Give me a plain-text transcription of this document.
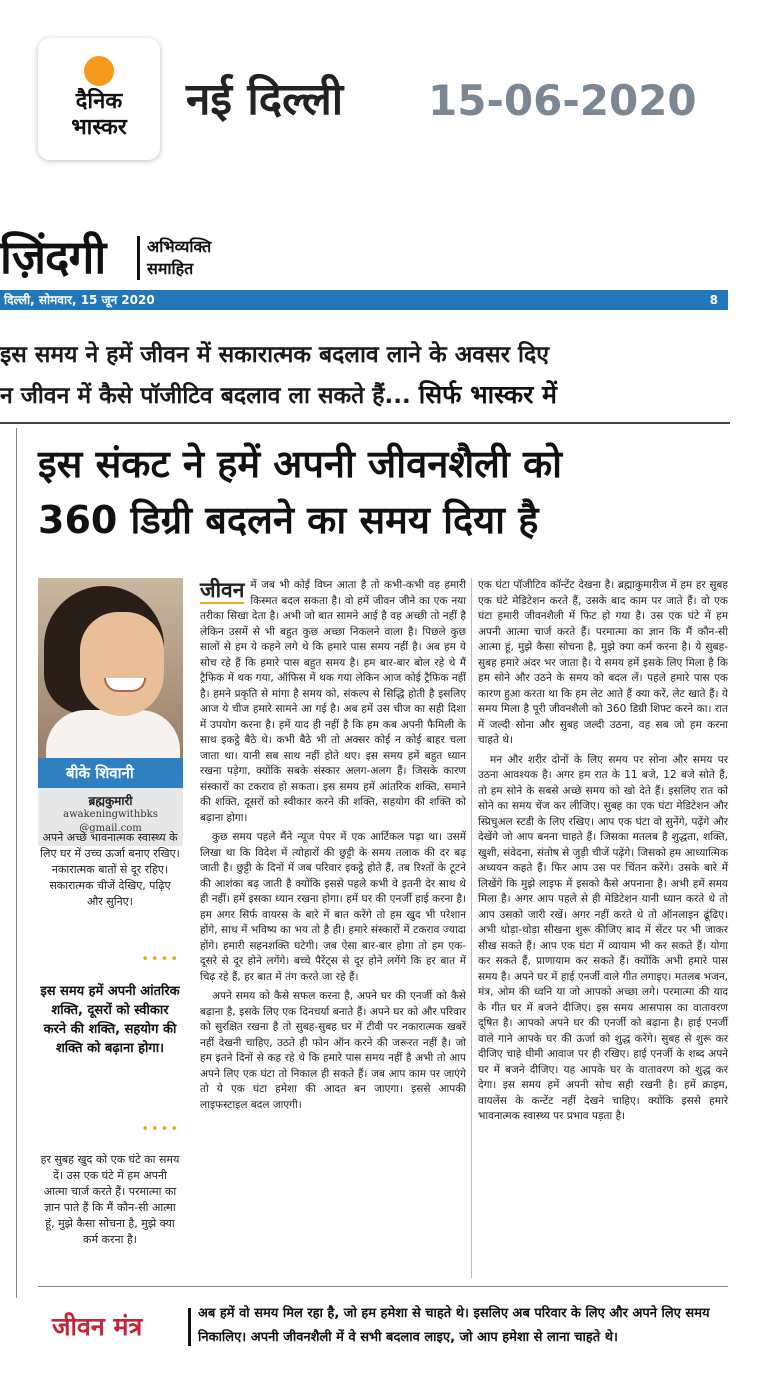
दैनिक
भास्कर
नई दिल्ली 15-06-2020
ज़िंदगी	अभिव्यक्ति
समाहित
दिल्ली, सोमवार, 15 जून 2020	8
इस समय ने हमें जीवन में सकारात्मक बदलाव लाने के अवसर दिए
न जीवन में कैसे पॉजीटिव बदलाव ला सकते हैं... सिर्फ भास्कर में
इस संकट ने हमें अपनी जीवनशैली को
360 डिग्री बदलने का समय दिया है
बीके शिवानी
ब्रह्मकुमारी
awakeningwithbks
@gmail.com
अपने अच्छे भावनात्मक स्वास्थ्य के लिए घर में उच्च ऊर्जा बनाए रखिए। नकारात्मक बातों से दूर रहिए। सकारात्मक चीजें देखिए, पढ़िए और सुनिए।
••••
इस समय हमें अपनी आंतरिक शक्ति, दूसरों को स्वीकार करने की शक्ति, सहयोग की शक्ति को बढ़ाना होगा।
••••
हर सुबह खुद को एक घंटे का समय दें। उस एक घंटे में हम अपनी आत्मा चार्ज करते हैं। परमात्मा का ज्ञान पाते हैं कि मैं कौन-सी आत्मा हूं, मुझे कैसा सोचना है, मुझे क्या कर्म करना है।
जीवन में जब भी कोई विघ्न आता है तो कभी-कभी वह हमारी किस्मत बदल सकता है। वो हमें जीवन जीने का एक नया तरीका सिखा देता है। अभी जो बात सामने आई है वह अच्छी तो नहीं है लेकिन उसमें से भी बहुत कुछ अच्छा निकलने वाला है। पिछले कुछ सालों से हम ये कहने लगे थे कि हमारे पास समय नहीं है। अब हम ये सोच रहे हैं कि हमारे पास बहुत समय है। हम बार-बार बोल रहे थे मैं ट्रैफिक में थक गया, ऑफिस में थक गया लेकिन आज कोई ट्रैफिक नहीं है। हमने प्रकृति से मांगा है समय को, संकल्प से सिद्धि होती है इसलिए आज ये चीज हमारे सामने आ गई है। अब हमें उस चीज का सही दिशा में उपयोग करना है। हमें याद ही नहीं है कि हम कब अपनी फैमिली के साथ इकट्ठे बैठे थे। कभी बैठे भी तो अक्सर कोई न कोई बाहर चला जाता था। यानी सब साथ नहीं होते थए। इस समय हमें बहुत ध्यान रखना पड़ेगा, क्योंकि सबके संस्कार अलग-अलग हैं। जिसके कारण संस्कारों का टकराव हो सकता। इस समय हमें आंतरिक शक्ति, समाने की शक्ति, दूसरों को स्वीकार करने की शक्ति, सहयोग की शक्ति को बढ़ाना होगा।

कुछ समय पहले मैंने न्यूज पेपर में एक आर्टिकल पढ़ा था। उसमें लिखा था कि विदेश में त्योहारों की छुट्टी के समय तलाक की दर बढ़ जाती है। छुट्टी के दिनों में जब परिवार इकट्ठे होते हैं, तब रिश्तों के टूटने की आशंका बढ़ जाती है क्योंकि इससे पहले कभी वे इतनी देर साथ थे ही नहीं। हमें इसका ध्यान रखना होगा। हमें घर की एनर्जी हाई करना है। हम अगर सिर्फ वायरस के बारे में बात करेंगे तो हम खुद भी परेशान होंगे, साथ में भविष्य का भय तो है ही। हमारे संस्कारों में टकराव ज्यादा होंगे। हमारी सहनशक्ति घटेगी। जब ऐसा बार-बार होगा तो हम एक-दूसरे से दूर होने लगेंगे। बच्चे पैरेंट्स से दूर होने लगेंगे कि हर बात में चिढ़ रहे हैं, हर बात में तंग करते जा रहे हैं।

अपने समय को कैसे सफल करना है, अपने घर की एनर्जी को कैसे बढ़ाना है, इसके लिए एक दिनचर्या बनाते हैं। अपने घर को और परिवार को सुरक्षित रखना है तो सुबह-सुबह घर में टीवी पर नकारात्मक खबरें नहीं देखनी चाहिए, उठते ही फोन ऑन करने की जरूरत नहीं है। जो हम इतने दिनों से कह रहे थे कि हमारे पास समय नहीं है अभी तो आप अपने लिए एक घंटा तो निकाल ही सकते हैं। जब आप काम पर जाएंगे तो ये एक घंटा हमेशा की आदत बन जाएगा। इससे आपकी लाइफस्टाइल बदल जाएगी।

एक घंटा पॉजीटिव कॉन्टेंट देखना है। ब्रह्माकुमारीज में हम हर सुबह एक घंटे मेडिटेशन करते हैं, उसके बाद काम पर जाते हैं। वो एक घंटा हमारी जीवनशैली में फिट हो गया है। उस एक घंटे में हम अपनी आत्मा चार्ज करते हैं। परमात्मा का ज्ञान कि मैं कौन-सी आत्मा हूं, मुझे कैसा सोचना है, मुझे क्या कर्म करना है। ये सुबह-सुबह हमारे अंदर भर जाता है। ये समय हमें इसके लिए मिला है कि हम सोने और उठने के समय को बदल लें। पहले हमारे पास एक कारण हुआ करता था कि हम लेट आते हैं क्या करें, लेट खाते हैं। ये समय मिला है पूरी जीवनशैली को 360 डिग्री शिफ्ट करने का। रात में जल्दी सोना और सुबह जल्दी उठना, वह सब जो हम करना चाहते थे।

मन और शरीर दोनों के लिए समय पर सोना और समय पर उठना आवश्यक है। अगर हम रात के 11 बजे, 12 बजे सोते हैं, तो हम सोने के सबसे अच्छे समय को खो देते हैं। इसलिए रात को सोने का समय चेंज कर लीजिए। सुबह का एक घंटा मेडिटेशन और स्प्रिचुअल स्टडी के लिए रखिए। आप एक घंटा वो सुनेंगे, पढ़ेंगे और देखेंगे जो आप बनना चाहते हैं। जिसका मतलब है शुद्धता, शक्ति, खुशी, संवेदना, संतोष से जुड़ी चीजें पढ़ेंगे। जिसको हम आध्यात्मिक अध्ययन कहते हैं। फिर आप उस पर चिंतन करेंगे। उसके बारे में लिखेंगे कि मुझे लाइफ में इसको कैसे अपनाना है। अभी हमें समय मिला है। अगर आप पहले से ही मेडिटेशन यानी ध्यान करते थे तो आप उसको जारी रखें। अगर नहीं करते थे तो ऑनलाइन ढूंढिए। अभी थोड़ा-थोड़ा सीखना शुरू कीजिए बाद में सेंटर पर भी जाकर सीख सकते हैं। आप एक घंटा में व्यायाम भी कर सकते हैं। योगा कर सकते हैं, प्राणायाम कर सकते हैं। क्योंकि अभी हमारे पास समय है। अपने घर में हाई एनर्जी वाले गीत लगाइए। मतलब भजन, मंत्र, ओम की ध्वनि या जो आपको अच्छा लगे। परमात्मा की याद के गीत घर में बजने दीजिए। इस समय आसपास का वातावरण दूषित है। आपको अपने घर की एनर्जी को बढ़ाना है। हाई एनर्जी वाले गाने आपके घर की ऊर्जा को शुद्ध करेंगे। सुबह से शुरू कर दीजिए चाहे धीमी आवाज पर ही रखिए। हाई एनर्जी के शब्द अपने घर में बजने दीजिए। यह आपके घर के वातावरण को शुद्ध कर देगा। इस समय हमें अपनी सोच सही रखनी है। हमें क्राइम, वायलेंस के कन्टेंट नहीं देखने चाहिए। क्योंकि इससे हमारे भावनात्मक स्वास्थ्य पर प्रभाव पड़ता है।

जीवन मंत्र	अब हमें वो समय मिल रहा है, जो हम हमेशा से चाहते थे। इसलिए अब परिवार के लिए और अपने लिए समय निकालिए। अपनी जीवनशैली में वे सभी बदलाव लाइए, जो आप हमेशा से लाना चाहते थे।
